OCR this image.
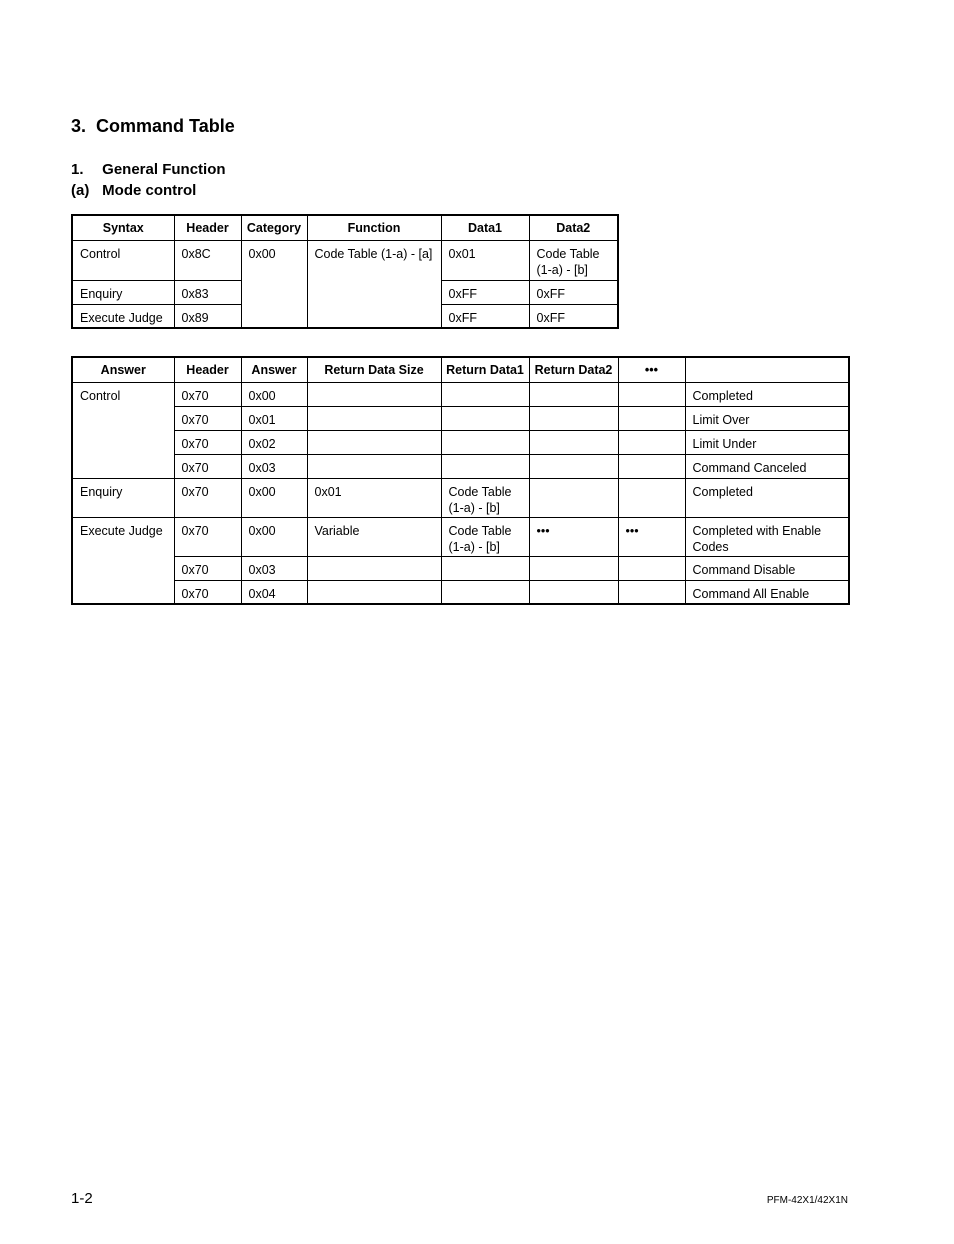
3. Command Table
1. General Function
(a) Mode control
Syntax	Header	Category	Function	Data1	Data2
Control	0x8C	0x00	Code Table (1-a) - [a]	0x01	Code Table (1-a) - [b]
Enquiry	0x83			0xFF	0xFF
Execute Judge	0x89			0xFF	0xFF
Answer	Header	Answer	Return Data Size	Return Data1	Return Data2	•••	
Control	0x70	0x00					Completed
	0x70	0x01					Limit Over
	0x70	0x02					Limit Under
	0x70	0x03					Command Canceled
Enquiry	0x70	0x00	0x01	Code Table (1-a) - [b]			Completed
Execute Judge	0x70	0x00	Variable	Code Table (1-a) - [b]	•••	•••	Completed with Enable Codes
	0x70	0x03					Command Disable
	0x70	0x04					Command All Enable
1-2	PFM-42X1/42X1N
